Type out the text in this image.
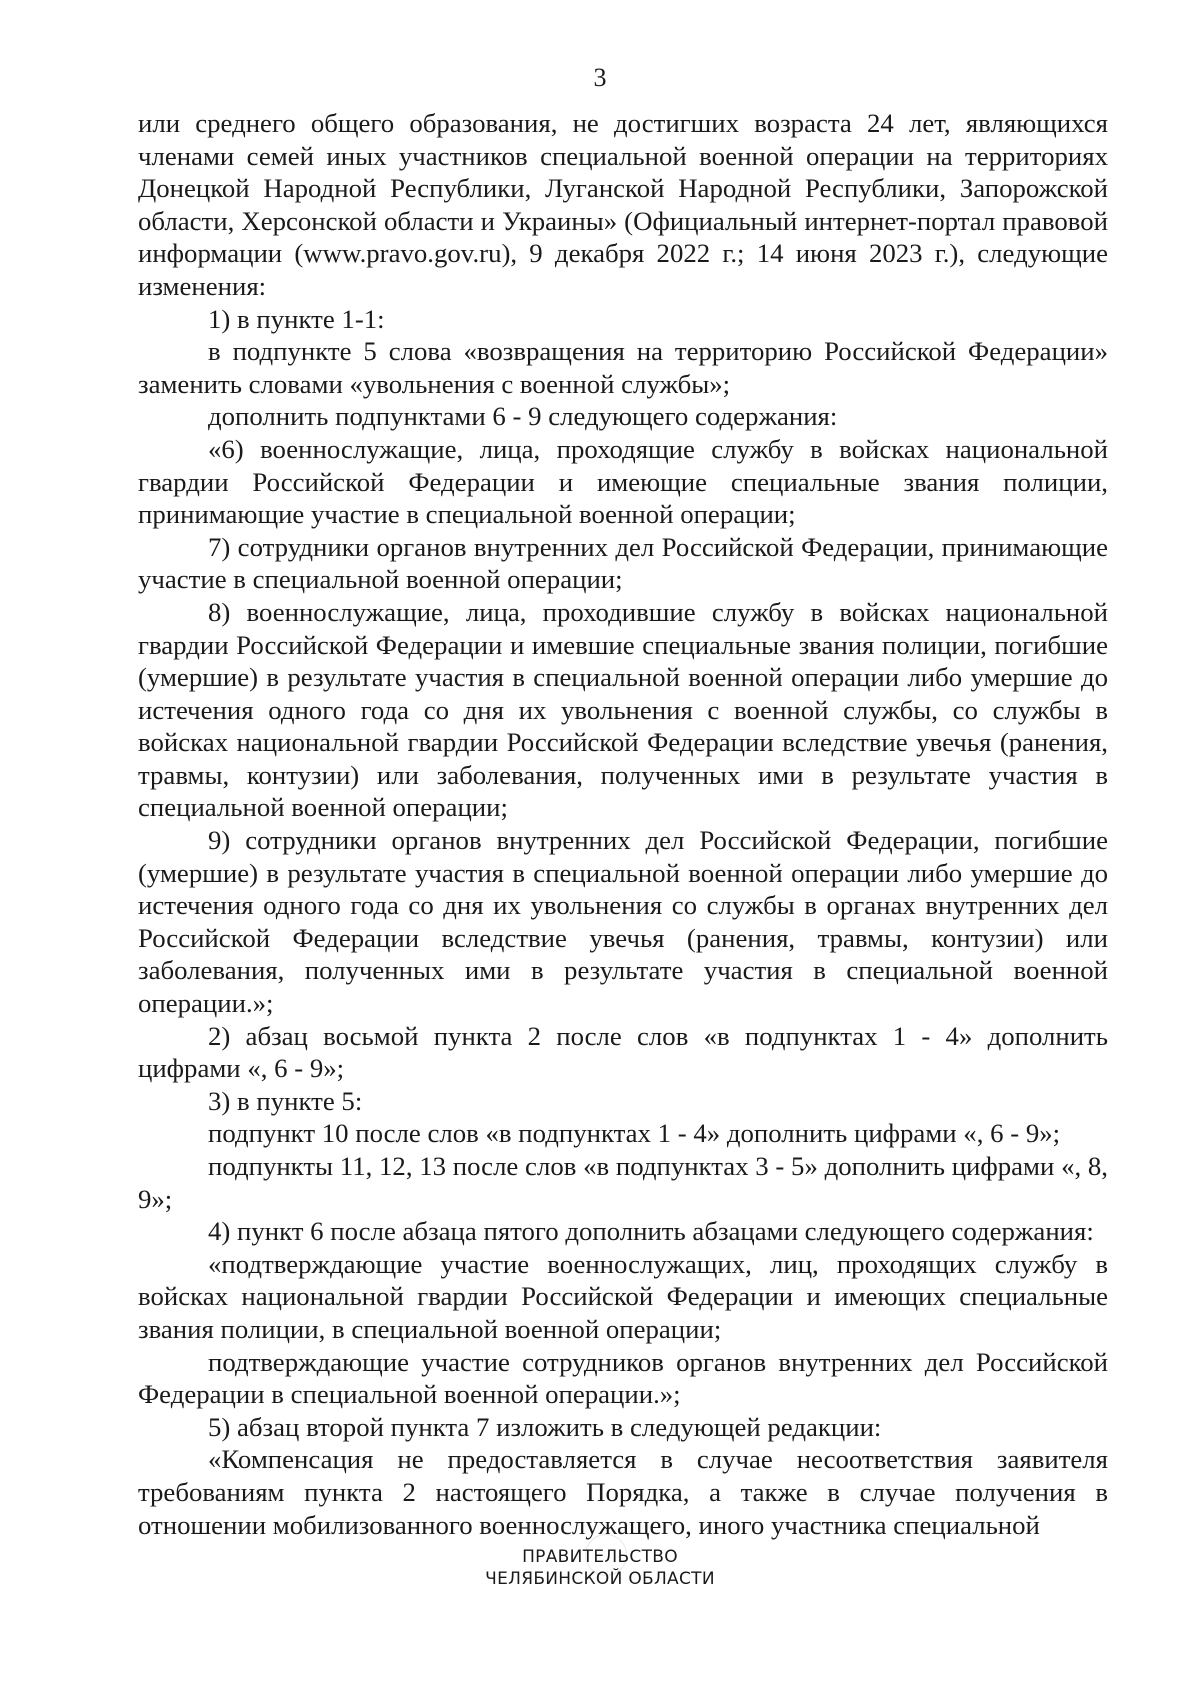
3

или среднего общего образования, не достигших возраста 24 лет, являющихся членами семей иных участников специальной военной операции на территориях Донецкой Народной Республики, Луганской Народной Республики, Запорожской области, Херсонской области и Украины» (Официальный интернет-портал правовой информации (www.pravo.gov.ru), 9 декабря 2022 г.; 14 июня 2023 г.), следующие изменения:

1) в пункте 1-1:

в подпункте 5 слова «возвращения на территорию Российской Федерации» заменить словами «увольнения с военной службы»;

дополнить подпунктами 6 - 9 следующего содержания:

«6) военнослужащие, лица, проходящие службу в войсках национальной гвардии Российской Федерации и имеющие специальные звания полиции, принимающие участие в специальной военной операции;

7) сотрудники органов внутренних дел Российской Федерации, принимающие участие в специальной военной операции;

8) военнослужащие, лица, проходившие службу в войсках национальной гвардии Российской Федерации и имевшие специальные звания полиции, погибшие (умершие) в результате участия в специальной военной операции либо умершие до истечения одного года со дня их увольнения с военной службы, со службы в войсках национальной гвардии Российской Федерации вследствие увечья (ранения, травмы, контузии) или заболевания, полученных ими в результате участия в специальной военной операции;

9) сотрудники органов внутренних дел Российской Федерации, погибшие (умершие) в результате участия в специальной военной операции либо умершие до истечения одного года со дня их увольнения со службы в органах внутренних дел Российской Федерации вследствие увечья (ранения, травмы, контузии) или заболевания, полученных ими в результате участия в специальной военной операции.»;

2) абзац восьмой пункта 2 после слов «в подпунктах 1 - 4» дополнить цифрами «, 6 - 9»;

3) в пункте 5:

подпункт 10 после слов «в подпунктах 1 - 4» дополнить цифрами «, 6 - 9»;

подпункты 11, 12, 13 после слов «в подпунктах 3 - 5» дополнить цифрами «, 8, 9»;

4) пункт 6 после абзаца пятого дополнить абзацами следующего содержания:

«подтверждающие участие военнослужащих, лиц, проходящих службу в войсках национальной гвардии Российской Федерации и имеющих специальные звания полиции, в специальной военной операции;

подтверждающие участие сотрудников органов внутренних дел Российской Федерации в специальной военной операции.»;

5) абзац второй пункта 7 изложить в следующей редакции:

«Компенсация не предоставляется в случае несоответствия заявителя требованиям пункта 2 настоящего Порядка, а также в случае получения в отношении мобилизованного военнослужащего, иного участника специальной

ПРАВИТЕЛЬСТВО
ЧЕЛЯБИНСКОЙ ОБЛАСТИ
